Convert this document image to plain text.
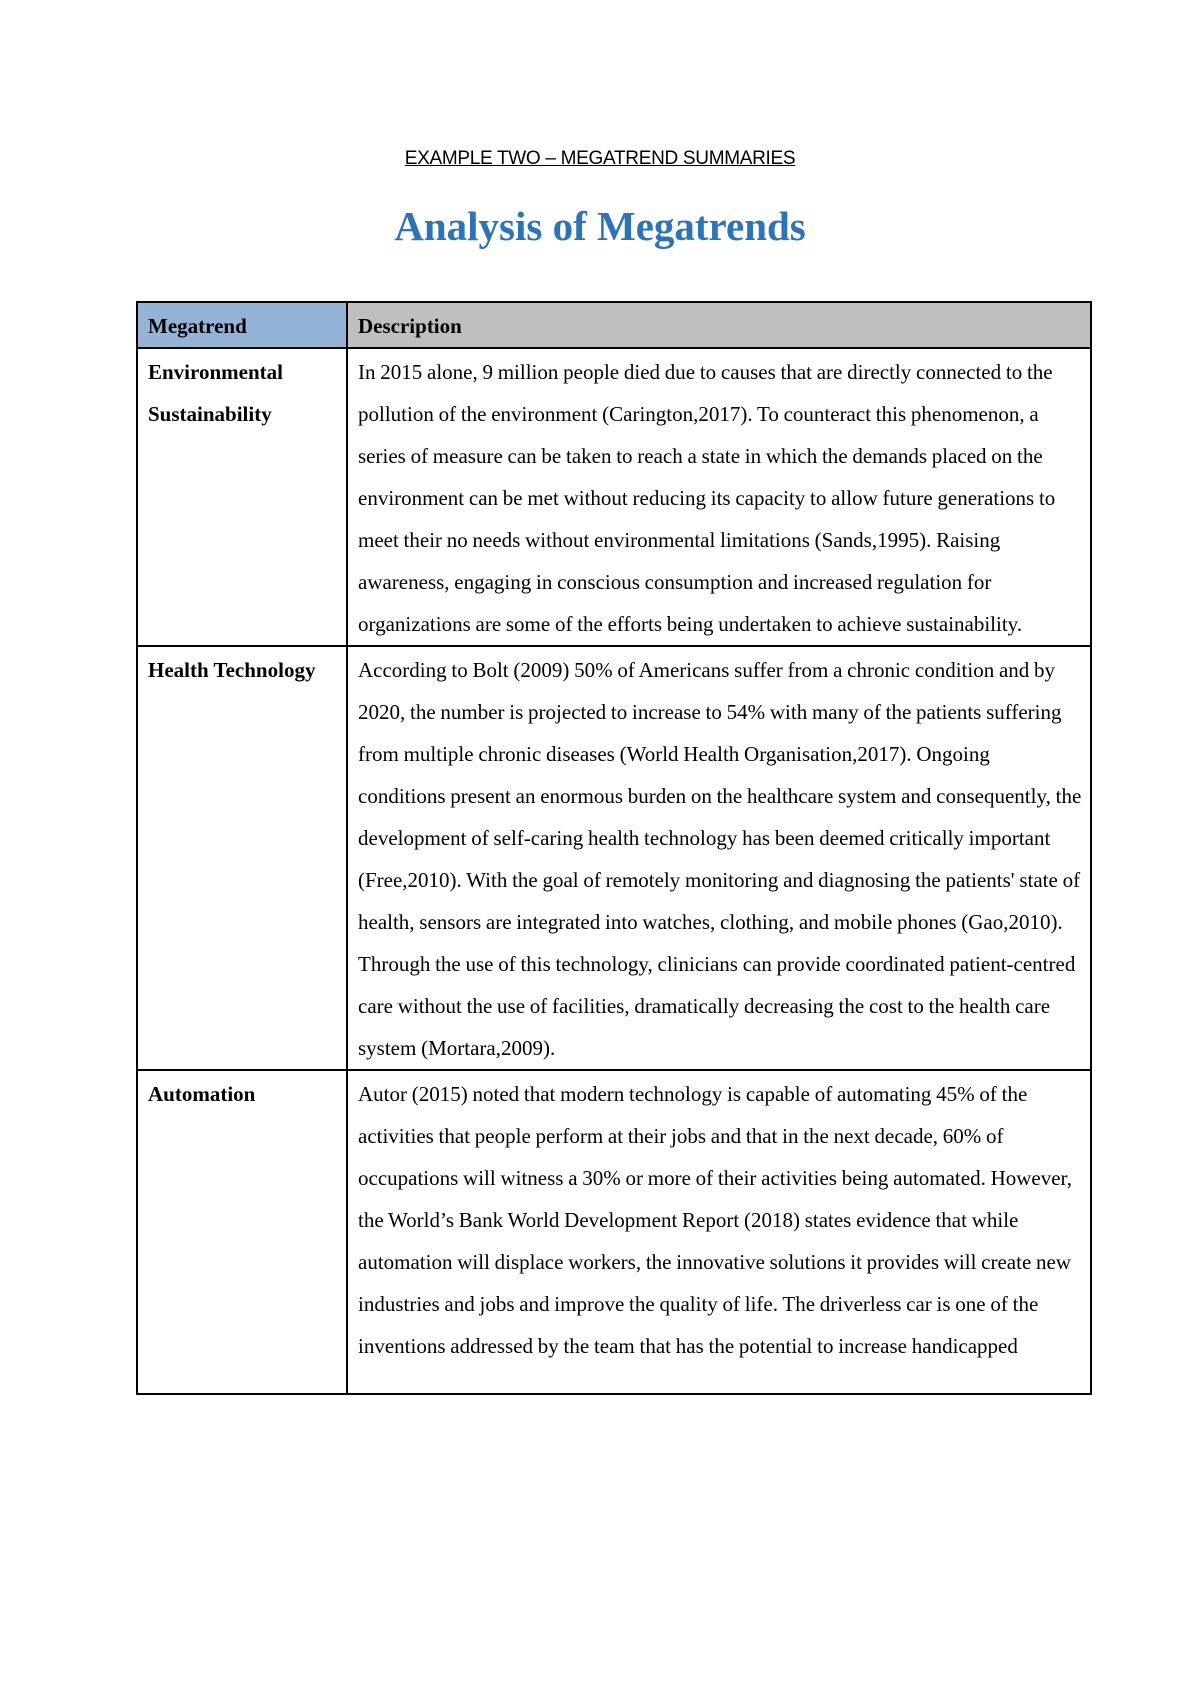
EXAMPLE TWO – MEGATREND SUMMARIES
Analysis of Megatrends
Megatrend	Description
Environmental Sustainability	In 2015 alone, 9 million people died due to causes that are directly connected to the pollution of the environment (Carington,2017). To counteract this phenomenon, a series of measure can be taken to reach a state in which the demands placed on the environment can be met without reducing its capacity to allow future generations to meet their no needs without environmental limitations (Sands,1995). Raising awareness, engaging in conscious consumption and increased regulation for organizations are some of the efforts being undertaken to achieve sustainability.
Health Technology	According to Bolt (2009) 50% of Americans suffer from a chronic condition and by 2020, the number is projected to increase to 54% with many of the patients suffering from multiple chronic diseases (World Health Organisation,2017). Ongoing conditions present an enormous burden on the healthcare system and consequently, the development of self-caring health technology has been deemed critically important (Free,2010). With the goal of remotely monitoring and diagnosing the patients' state of health, sensors are integrated into watches, clothing, and mobile phones (Gao,2010). Through the use of this technology, clinicians can provide coordinated patient-centred care without the use of facilities, dramatically decreasing the cost to the health care system (Mortara,2009).
Automation	Autor (2015) noted that modern technology is capable of automating 45% of the activities that people perform at their jobs and that in the next decade, 60% of occupations will witness a 30% or more of their activities being automated. However, the World’s Bank World Development Report (2018) states evidence that while automation will displace workers, the innovative solutions it provides will create new industries and jobs and improve the quality of life. The driverless car is one of the inventions addressed by the team that has the potential to increase handicapped
